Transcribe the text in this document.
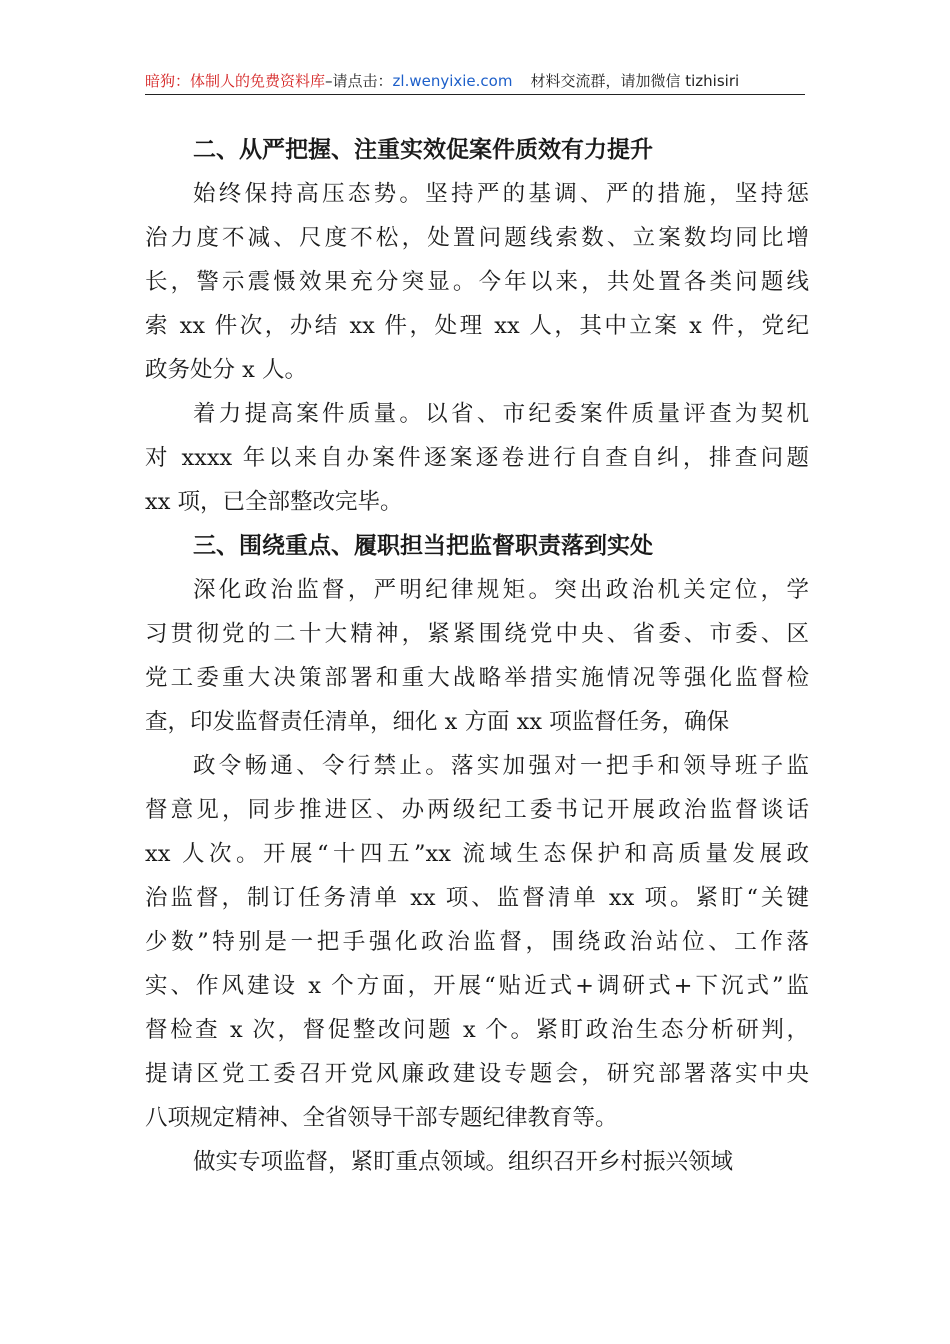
暗狗：体制人的免费资料库 –请点击： zl.wenyixie.com 材料交流群，请加微信 tizhisiri
二、从严把握、注重实效促案件质效有力提升
始终保持高压态势。坚持严的基调、严的措施，坚持惩
治力度不减、尺度不松，处置问题线索数、立案数均同比增
长，警示震慑效果充分突显。今年以来，共处置各类问题线
索 xx 件次，办结 xx 件，处理 xx 人，其中立案 x 件，党纪
政务处分 x 人。
着力提高案件质量。以省、市纪委案件质量评查为契机
对 xxxx 年以来自办案件逐案逐卷进行自查自纠，排查问题
xx 项，已全部整改完毕。
三、围绕重点、履职担当把监督职责落到实处
深化政治监督，严明纪律规矩。突出政治机关定位，学
习贯彻党的二十大精神，紧紧围绕党中央、省委、市委、区
党工委重大决策部署和重大战略举措实施情况等强化监督检
查，印发监督责任清单，细化 x 方面 xx 项监督任务，确保
政令畅通、令行禁止。落实加强对一把手和领导班子监
督意见，同步推进区、办两级纪工委书记开展政治监督谈话
xx 人次。开展“十四五”xx 流域生态保护和高质量发展政
治监督，制订任务清单 xx 项、监督清单 xx 项。紧盯“关键
少数”特别是一把手强化政治监督，围绕政治站位、工作落
实、作风建设 x 个方面，开展“贴近式+调研式+下沉式”监
督检查 x 次，督促整改问题 x 个。紧盯政治生态分析研判，
提请区党工委召开党风廉政建设专题会，研究部署落实中央
八项规定精神、全省领导干部专题纪律教育等。
做实专项监督，紧盯重点领域。组织召开乡村振兴领域
